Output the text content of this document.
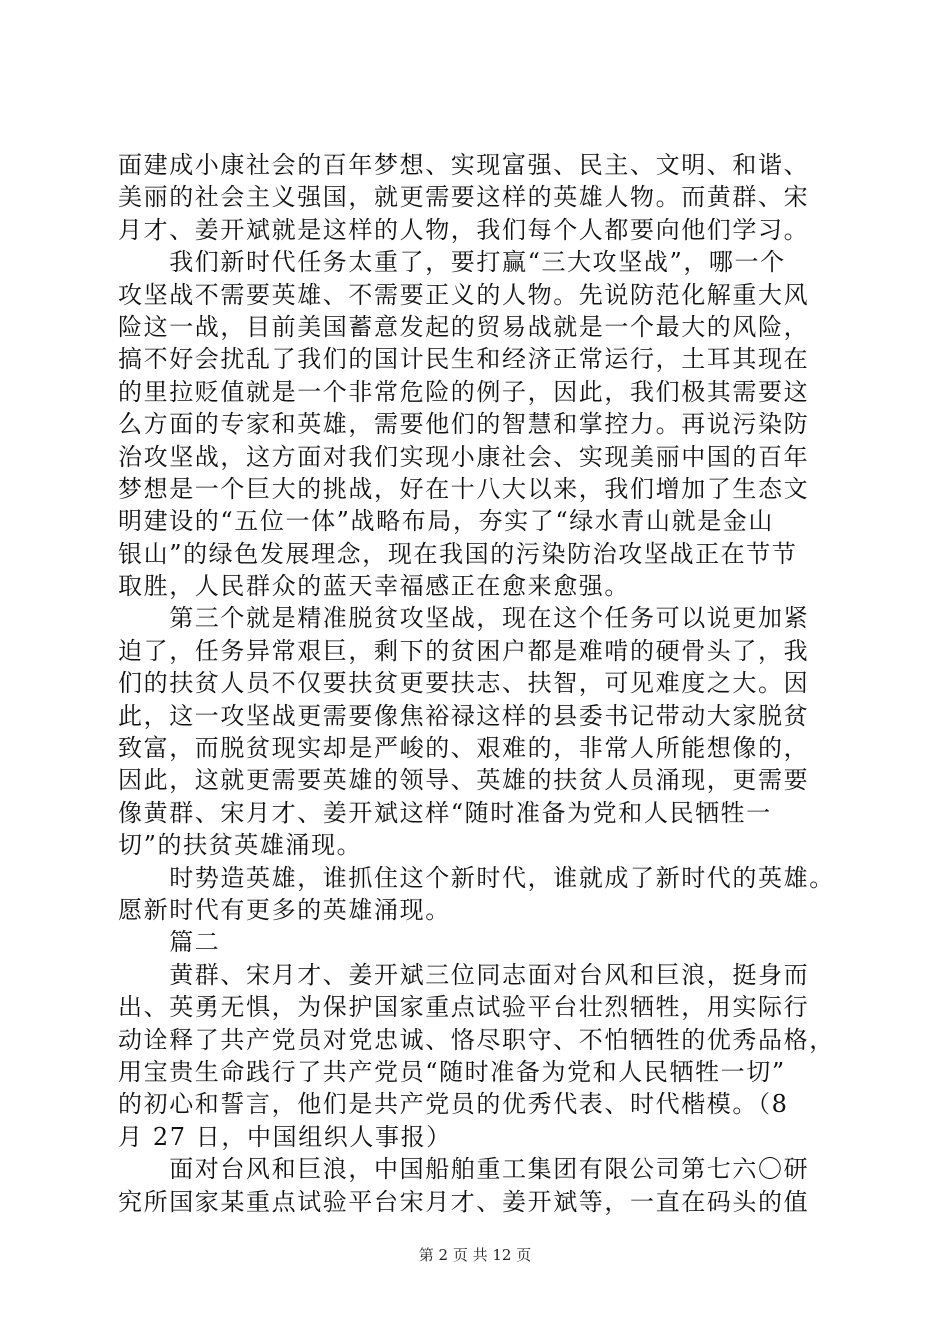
面建成小康社会的百年梦想、实现富强、民主、文明、和谐、
美丽的社会主义强国，就更需要这样的英雄人物。而黄群、宋
月才、姜开斌就是这样的人物，我们每个人都要向他们学习。
　　我们新时代任务太重了，要打赢“三大攻坚战”，哪一个
攻坚战不需要英雄、不需要正义的人物。先说防范化解重大风
险这一战，目前美国蓄意发起的贸易战就是一个最大的风险，
搞不好会扰乱了我们的国计民生和经济正常运行，土耳其现在
的里拉贬值就是一个非常危险的例子，因此，我们极其需要这
么方面的专家和英雄，需要他们的智慧和掌控力。再说污染防
治攻坚战，这方面对我们实现小康社会、实现美丽中国的百年
梦想是一个巨大的挑战，好在十八大以来，我们增加了生态文
明建设的“五位一体”战略布局，夯实了“绿水青山就是金山
银山”的绿色发展理念，现在我国的污染防治攻坚战正在节节
取胜，人民群众的蓝天幸福感正在愈来愈强。
　　第三个就是精准脱贫攻坚战，现在这个任务可以说更加紧
迫了，任务异常艰巨，剩下的贫困户都是难啃的硬骨头了，我
们的扶贫人员不仅要扶贫更要扶志、扶智，可见难度之大。因
此，这一攻坚战更需要像焦裕禄这样的县委书记带动大家脱贫
致富，而脱贫现实却是严峻的、艰难的，非常人所能想像的，
因此，这就更需要英雄的领导、英雄的扶贫人员涌现，更需要
像黄群、宋月才、姜开斌这样“随时准备为党和人民牺牲一
切”的扶贫英雄涌现。
　　时势造英雄，谁抓住这个新时代，谁就成了新时代的英雄。
愿新时代有更多的英雄涌现。
　　篇二
　　黄群、宋月才、姜开斌三位同志面对台风和巨浪，挺身而
出、英勇无惧，为保护国家重点试验平台壮烈牺牲，用实际行
动诠释了共产党员对党忠诚、恪尽职守、不怕牺牲的优秀品格，
用宝贵生命践行了共产党员“随时准备为党和人民牺牲一切”
的初心和誓言，他们是共产党员的优秀代表、时代楷模。（8
月 27 日，中国组织人事报）
　　面对台风和巨浪，中国船舶重工集团有限公司第七六〇研
究所国家某重点试验平台宋月才、姜开斌等，一直在码头的值
第 2 页 共 12 页
